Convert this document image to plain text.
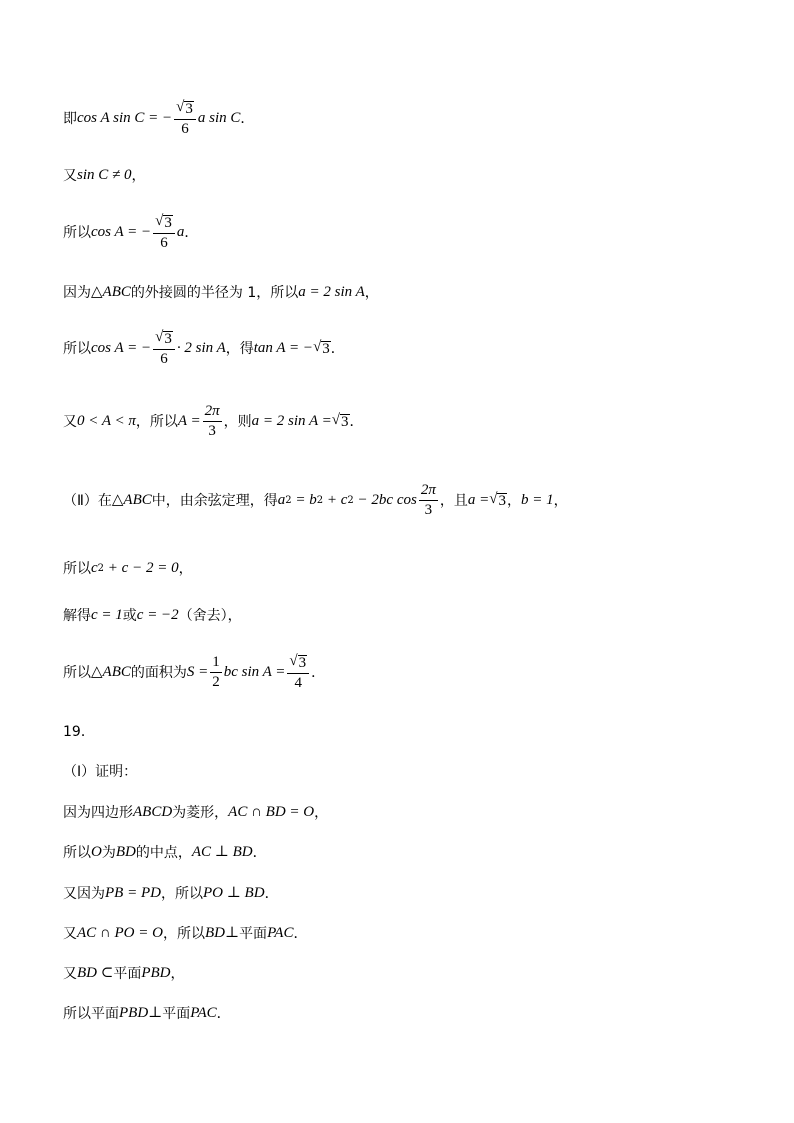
即 cos A sin C = − $\frac{√ 3}{6}$ a sin C ．
又 sin C ≠ 0 ，
所以 cos A = − $\frac{√ 3}{6}$ a ．
因为 △ABC 的外接圆的半径为 1，所以 a = 2 sin A ，
所以 cos A = − $\frac{√ 3}{6} \cdot 2$ sin A ，得 tan A = − √ 3 ．
又 0 < A < π ，所以 $A = \frac{2\pi}{3}$ ，则 a = 2 sin A = √ 3 ．
（Ⅱ）在 △ABC 中，由余弦定理，得 a 2 = b 2 + c 2 − 2bc $\cos \frac{2\pi}{3}$ ，且 a = √ 3 ， b = 1 ，
所以 c 2 + c − 2 = 0 ，
解得 c = 1 或 c = −2 （舍去），
所以 △ABC 的面积为 $S = \frac{1}{2}$ bc $\sin A = \frac{√ 3}{4}$ ．
19．
（Ⅰ）证明：
因为四边形 ABCD 为菱形， AC ∩ BD = O ，
所以 O 为 BD 的中点， AC ⊥ BD ．
又因为 PB = PD ，所以 PO ⊥ BD ．
又 AC ∩ PO = O ，所以 BD⊥ 平面 PAC ．
又 BD ⊂ 平面 PBD ，
所以平面 PBD⊥ 平面 PAC ．
